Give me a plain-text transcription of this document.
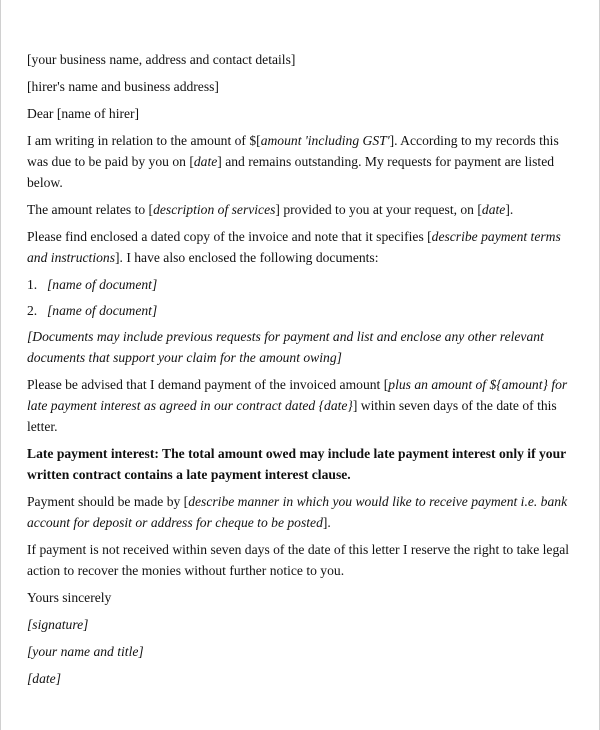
[your business name, address and contact details]

[hirer's name and business address]

Dear [name of hirer]

I am writing in relation to the amount of $[amount 'including GST']. According to my records this was due to be paid by you on [date] and remains outstanding. My requests for payment are listed below.

The amount relates to [description of services] provided to you at your request, on [date].

Please find enclosed a dated copy of the invoice and note that it specifies [describe payment terms and instructions]. I have also enclosed the following documents:

1. [name of document]

2. [name of document]

[Documents may include previous requests for payment and list and enclose any other relevant documents that support your claim for the amount owing]

Please be advised that I demand payment of the invoiced amount [plus an amount of ${amount} for late payment interest as agreed in our contract dated {date}] within seven days of the date of this letter.

Late payment interest: The total amount owed may include late payment interest only if your written contract contains a late payment interest clause.

Payment should be made by [describe manner in which you would like to receive payment i.e. bank account for deposit or address for cheque to be posted].

If payment is not received within seven days of the date of this letter I reserve the right to take legal action to recover the monies without further notice to you.

Yours sincerely

[signature]

[your name and title]

[date]
